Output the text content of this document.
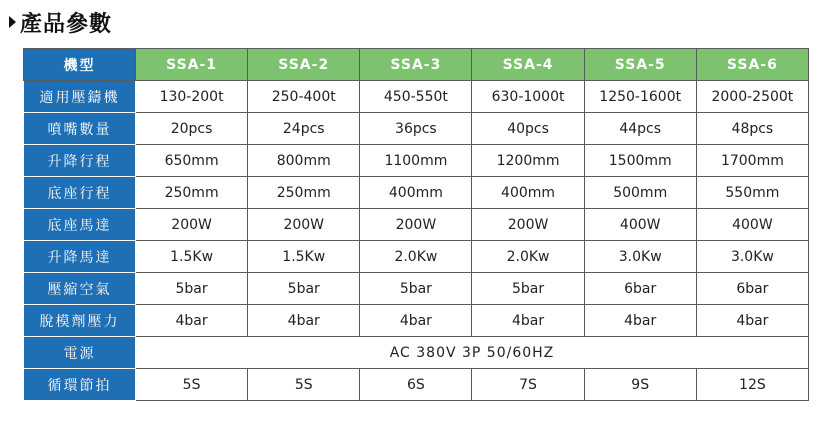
產品參數
機型	SSA-1	SSA-2	SSA-3	SSA-4	SSA-5	SSA-6
適用壓鑄機	130-200t	250-400t	450-550t	630-1000t	1250-1600t	2000-2500t
噴嘴數量	20pcs	24pcs	36pcs	40pcs	44pcs	48pcs
升降行程	650mm	800mm	1100mm	1200mm	1500mm	1700mm
底座行程	250mm	250mm	400mm	400mm	500mm	550mm
底座馬達	200W	200W	200W	200W	400W	400W
升降馬達	1.5Kw	1.5Kw	2.0Kw	2.0Kw	3.0Kw	3.0Kw
壓縮空氣	5bar	5bar	5bar	5bar	6bar	6bar
脫模劑壓力	4bar	4bar	4bar	4bar	4bar	4bar
電源	AC 380V 3P 50/60HZ					
循環節拍	5S	5S	6S	7S	9S	12S
